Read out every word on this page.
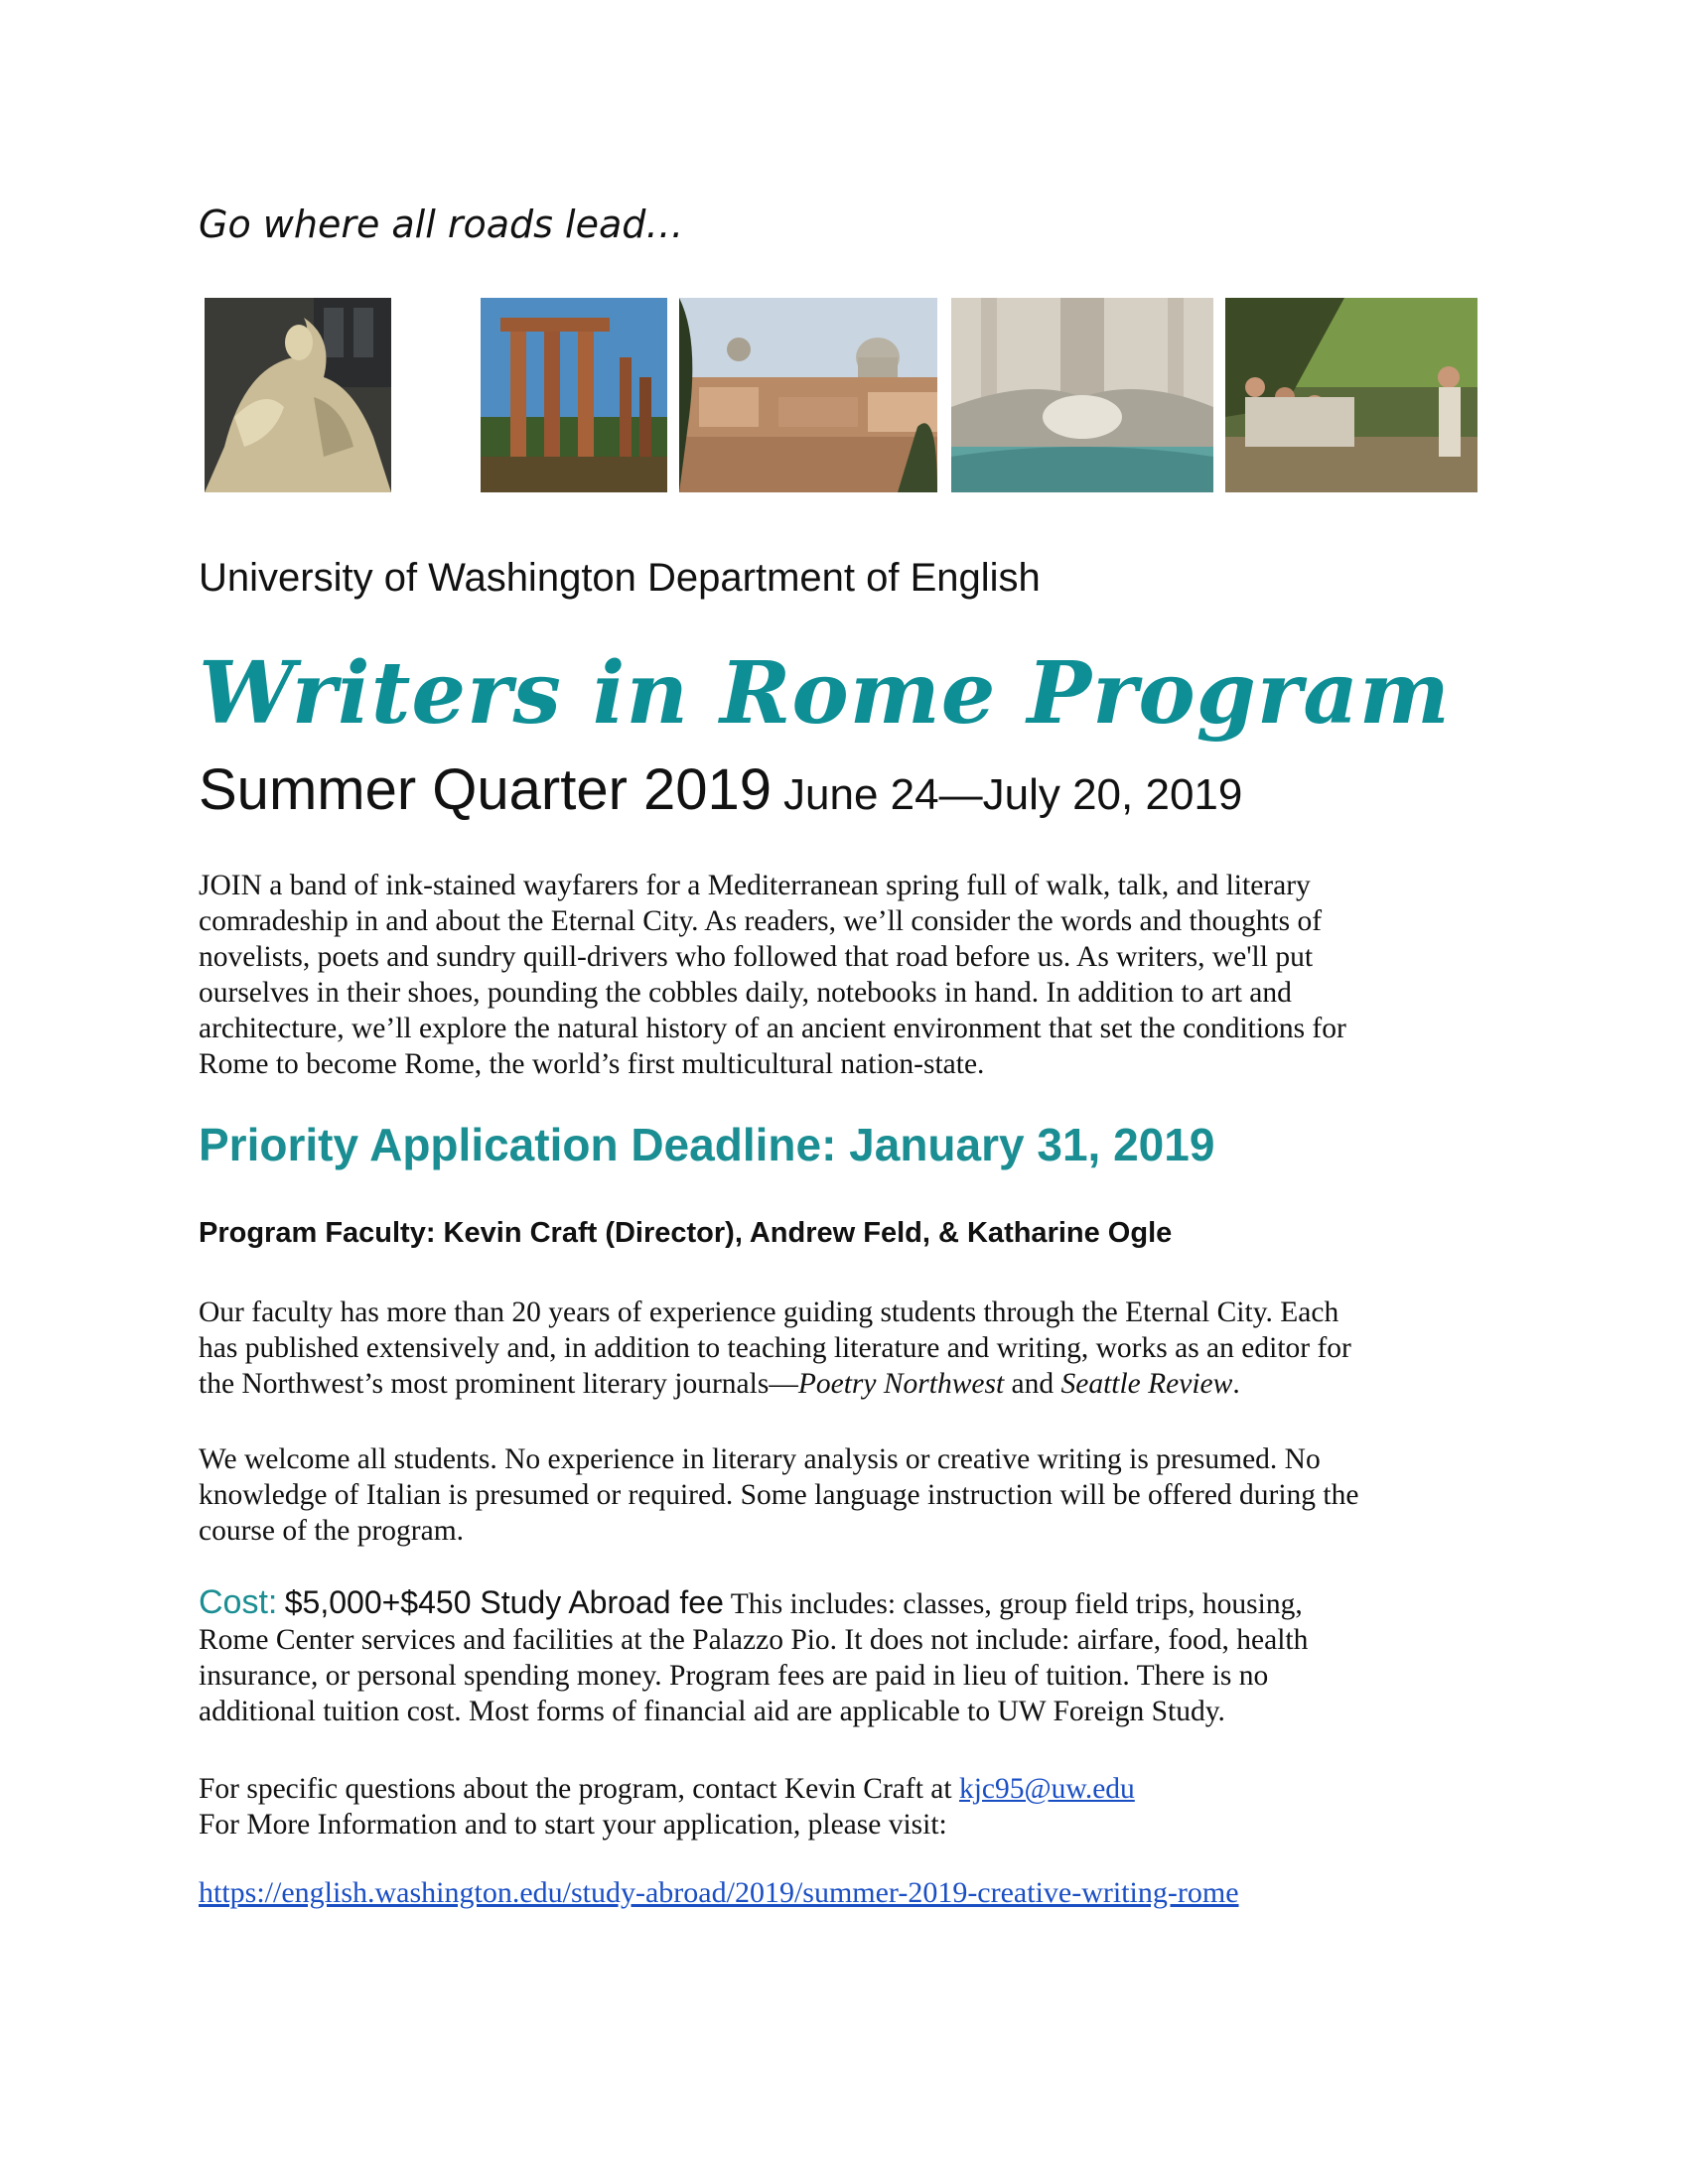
Go where all roads lead…

University of Washington Department of English

Writers in Rome Program

Summer Quarter 2019 June 24—July 20, 2019

JOIN a band of ink-stained wayfarers for a Mediterranean spring full of walk, talk, and literary
comradeship in and about the Eternal City. As readers, we’ll consider the words and thoughts of
novelists, poets and sundry quill-drivers who followed that road before us. As writers, we'll put
ourselves in their shoes, pounding the cobbles daily, notebooks in hand. In addition to art and
architecture, we’ll explore the natural history of an ancient environment that set the conditions for
Rome to become Rome, the world’s first multicultural nation-state.

Priority Application Deadline: January 31, 2019

Program Faculty: Kevin Craft (Director), Andrew Feld, & Katharine Ogle

Our faculty has more than 20 years of experience guiding students through the Eternal City. Each
has published extensively and, in addition to teaching literature and writing, works as an editor for
the Northwest’s most prominent literary journals—Poetry Northwest and Seattle Review.

We welcome all students. No experience in literary analysis or creative writing is presumed. No
knowledge of Italian is presumed or required. Some language instruction will be offered during the
course of the program.

Cost: $5,000+$450 Study Abroad fee This includes: classes, group field trips, housing,
Rome Center services and facilities at the Palazzo Pio. It does not include: airfare, food, health
insurance, or personal spending money. Program fees are paid in lieu of tuition. There is no
additional tuition cost. Most forms of financial aid are applicable to UW Foreign Study.

For specific questions about the program, contact Kevin Craft at kjc95@uw.edu
For More Information and to start your application, please visit:

https://english.washington.edu/study-abroad/2019/summer-2019-creative-writing-rome
